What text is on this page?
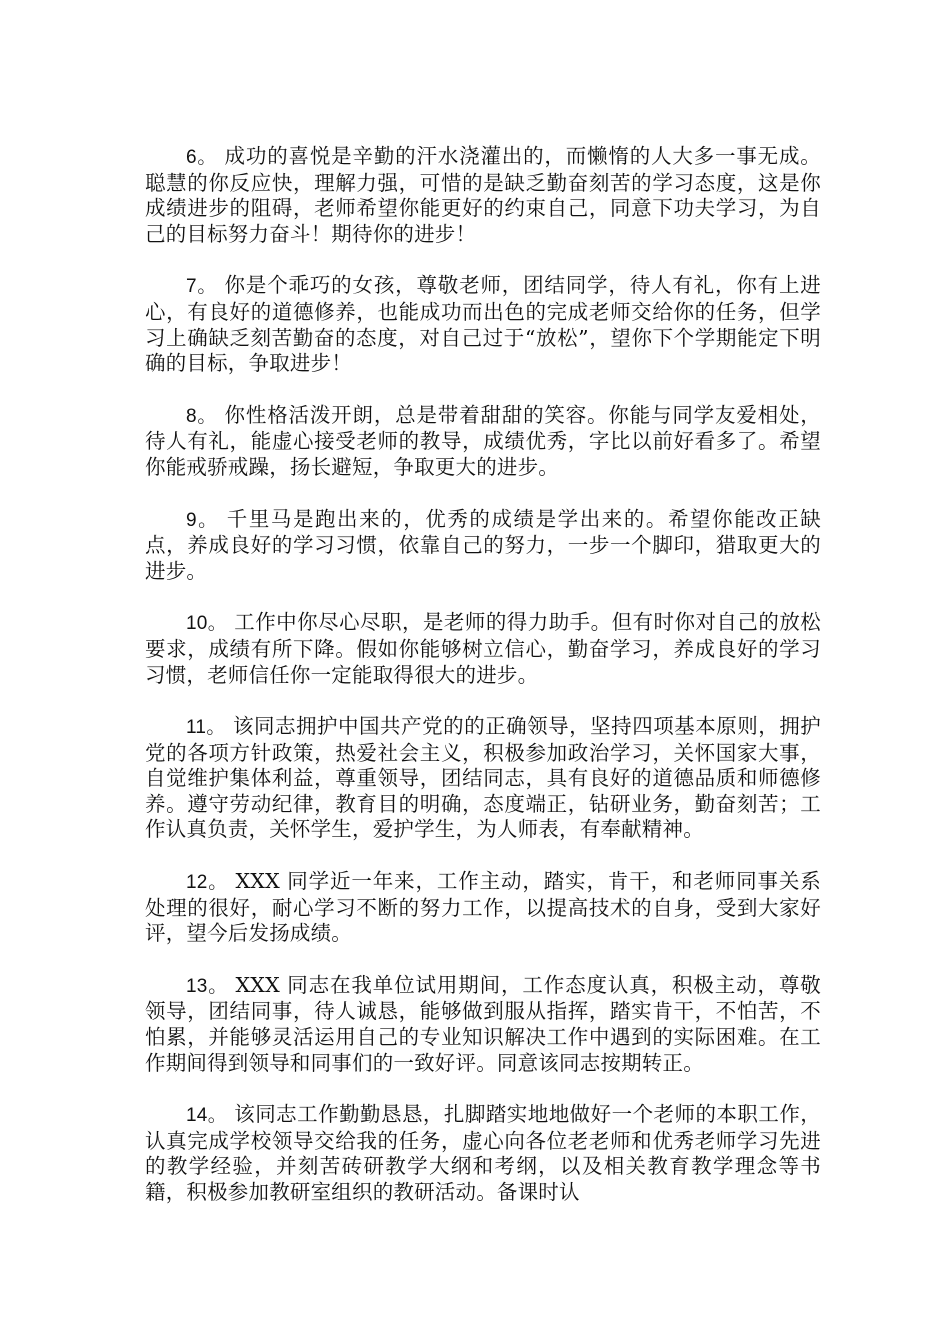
6。 成功的喜悦是辛勤的汗水浇灌出的，而懒惰的人大多一事无成。聪慧的你反应快，理解力强，可惜的是缺乏勤奋刻苦的学习态度，这是你成绩进步的阻碍，老师希望你能更好的约束自己，同意下功夫学习，为自己的目标努力奋斗！期待你的进步！

7。 你是个乖巧的女孩，尊敬老师，团结同学，待人有礼，你有上进心，有良好的道德修养，也能成功而出色的完成老师交给你的任务，但学习上确缺乏刻苦勤奋的态度，对自己过于“放松”，望你下个学期能定下明确的目标，争取进步！

8。 你性格活泼开朗，总是带着甜甜的笑容。你能与同学友爱相处，待人有礼，能虚心接受老师的教导，成绩优秀，字比以前好看多了。希望你能戒骄戒躁，扬长避短，争取更大的进步。

9。 千里马是跑出来的，优秀的成绩是学出来的。希望你能改正缺点，养成良好的学习习惯，依靠自己的努力，一步一个脚印，猎取更大的进步。

10。 工作中你尽心尽职，是老师的得力助手。但有时你对自己的放松要求，成绩有所下降。假如你能够树立信心，勤奋学习，养成良好的学习习惯，老师信任你一定能取得很大的进步。

11。 该同志拥护中国共产党的的正确领导，坚持四项基本原则，拥护党的各项方针政策，热爱社会主义，积极参加政治学习，关怀国家大事，自觉维护集体利益，尊重领导，团结同志，具有良好的道德品质和师德修养。遵守劳动纪律，教育目的明确，态度端正，钻研业务，勤奋刻苦；工作认真负责，关怀学生，爱护学生，为人师表，有奉献精神。

12。 XXX 同学近一年来，工作主动，踏实，肯干，和老师同事关系处理的很好，耐心学习不断的努力工作，以提高技术的自身，受到大家好评，望今后发扬成绩。

13。 XXX 同志在我单位试用期间，工作态度认真，积极主动，尊敬领导，团结同事，待人诚恳，能够做到服从指挥，踏实肯干，不怕苦，不怕累，并能够灵活运用自己的专业知识解决工作中遇到的实际困难。在工作期间得到领导和同事们的一致好评。同意该同志按期转正。

14。 该同志工作勤勤恳恳，扎脚踏实地地做好一个老师的本职工作，认真完成学校领导交给我的任务，虚心向各位老老师和优秀老师学习先进的教学经验，并刻苦砖研教学大纲和考纲，以及相关教育教学理念等书籍，积极参加教研室组织的教研活动。备课时认
